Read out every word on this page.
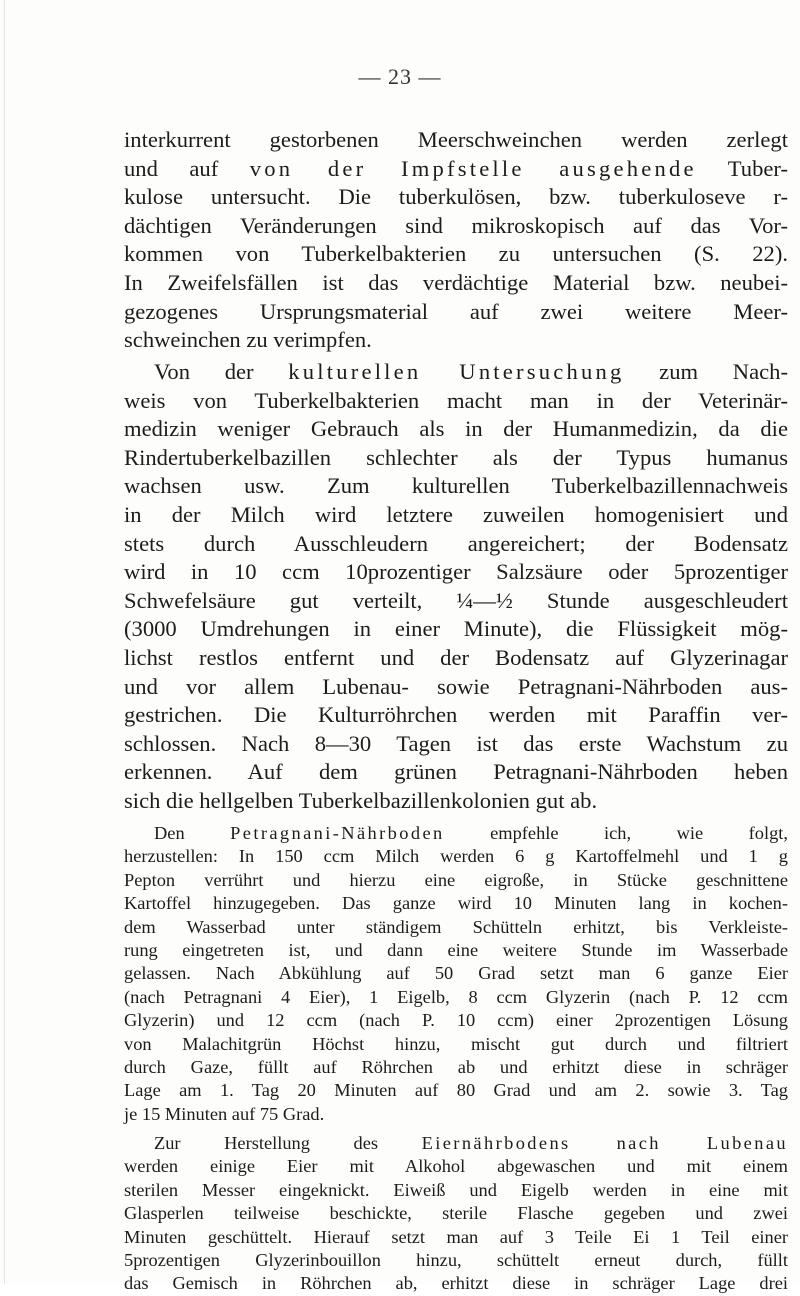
— 23 —
interkurrent gestorbenen Meerschweinchen werden zerlegt
und auf von der Impfstelle ausgehende Tuber-
kulose untersucht. Die tuberkulösen, bzw. tuberkuloseve r-
dächtigen Veränderungen sind mikroskopisch auf das Vor-
kommen von Tuberkelbakterien zu untersuchen (S. 22).
In Zweifelsfällen ist das verdächtige Material bzw. neubei-
gezogenes Ursprungsmaterial auf zwei weitere Meer-
schweinchen zu verimpfen.
Von der kulturellen Untersuchung zum Nach-
weis von Tuberkelbakterien macht man in der Veterinär-
medizin weniger Gebrauch als in der Humanmedizin, da die
Rindertuberkelbazillen schlechter als der Typus humanus
wachsen usw. Zum kulturellen Tuberkelbazillennachweis
in der Milch wird letztere zuweilen homogenisiert und
stets durch Ausschleudern angereichert; der Bodensatz
wird in 10 ccm 10prozentiger Salzsäure oder 5prozentiger
Schwefelsäure gut verteilt, ¼—½ Stunde ausgeschleudert
(3000 Umdrehungen in einer Minute), die Flüssigkeit mög-
lichst restlos entfernt und der Bodensatz auf Glyzerinagar
und vor allem Lubenau- sowie Petragnani-Nährboden aus-
gestrichen. Die Kulturröhrchen werden mit Paraffin ver-
schlossen. Nach 8—30 Tagen ist das erste Wachstum zu
erkennen. Auf dem grünen Petragnani-Nährboden heben
sich die hellgelben Tuberkelbazillenkolonien gut ab.
Den Petragnani-Nährboden empfehle ich, wie folgt,
herzustellen: In 150 ccm Milch werden 6 g Kartoffelmehl und 1 g
Pepton verrührt und hierzu eine eigroße, in Stücke geschnittene
Kartoffel hinzugegeben. Das ganze wird 10 Minuten lang in kochen-
dem Wasserbad unter ständigem Schütteln erhitzt, bis Verkleiste-
rung eingetreten ist, und dann eine weitere Stunde im Wasserbade
gelassen. Nach Abkühlung auf 50 Grad setzt man 6 ganze Eier
(nach Petragnani 4 Eier), 1 Eigelb, 8 ccm Glyzerin (nach P. 12 ccm
Glyzerin) und 12 ccm (nach P. 10 ccm) einer 2prozentigen Lösung
von Malachitgrün Höchst hinzu, mischt gut durch und filtriert
durch Gaze, füllt auf Röhrchen ab und erhitzt diese in schräger
Lage am 1. Tag 20 Minuten auf 80 Grad und am 2. sowie 3. Tag
je 15 Minuten auf 75 Grad.
Zur Herstellung des Eiernährbodens nach Lubenau
werden einige Eier mit Alkohol abgewaschen und mit einem
sterilen Messer eingeknickt. Eiweiß und Eigelb werden in eine mit
Glasperlen teilweise beschickte, sterile Flasche gegeben und zwei
Minuten geschüttelt. Hierauf setzt man auf 3 Teile Ei 1 Teil einer
5prozentigen Glyzerinbouillon hinzu, schüttelt erneut durch, füllt
das Gemisch in Röhrchen ab, erhitzt diese in schräger Lage drei
